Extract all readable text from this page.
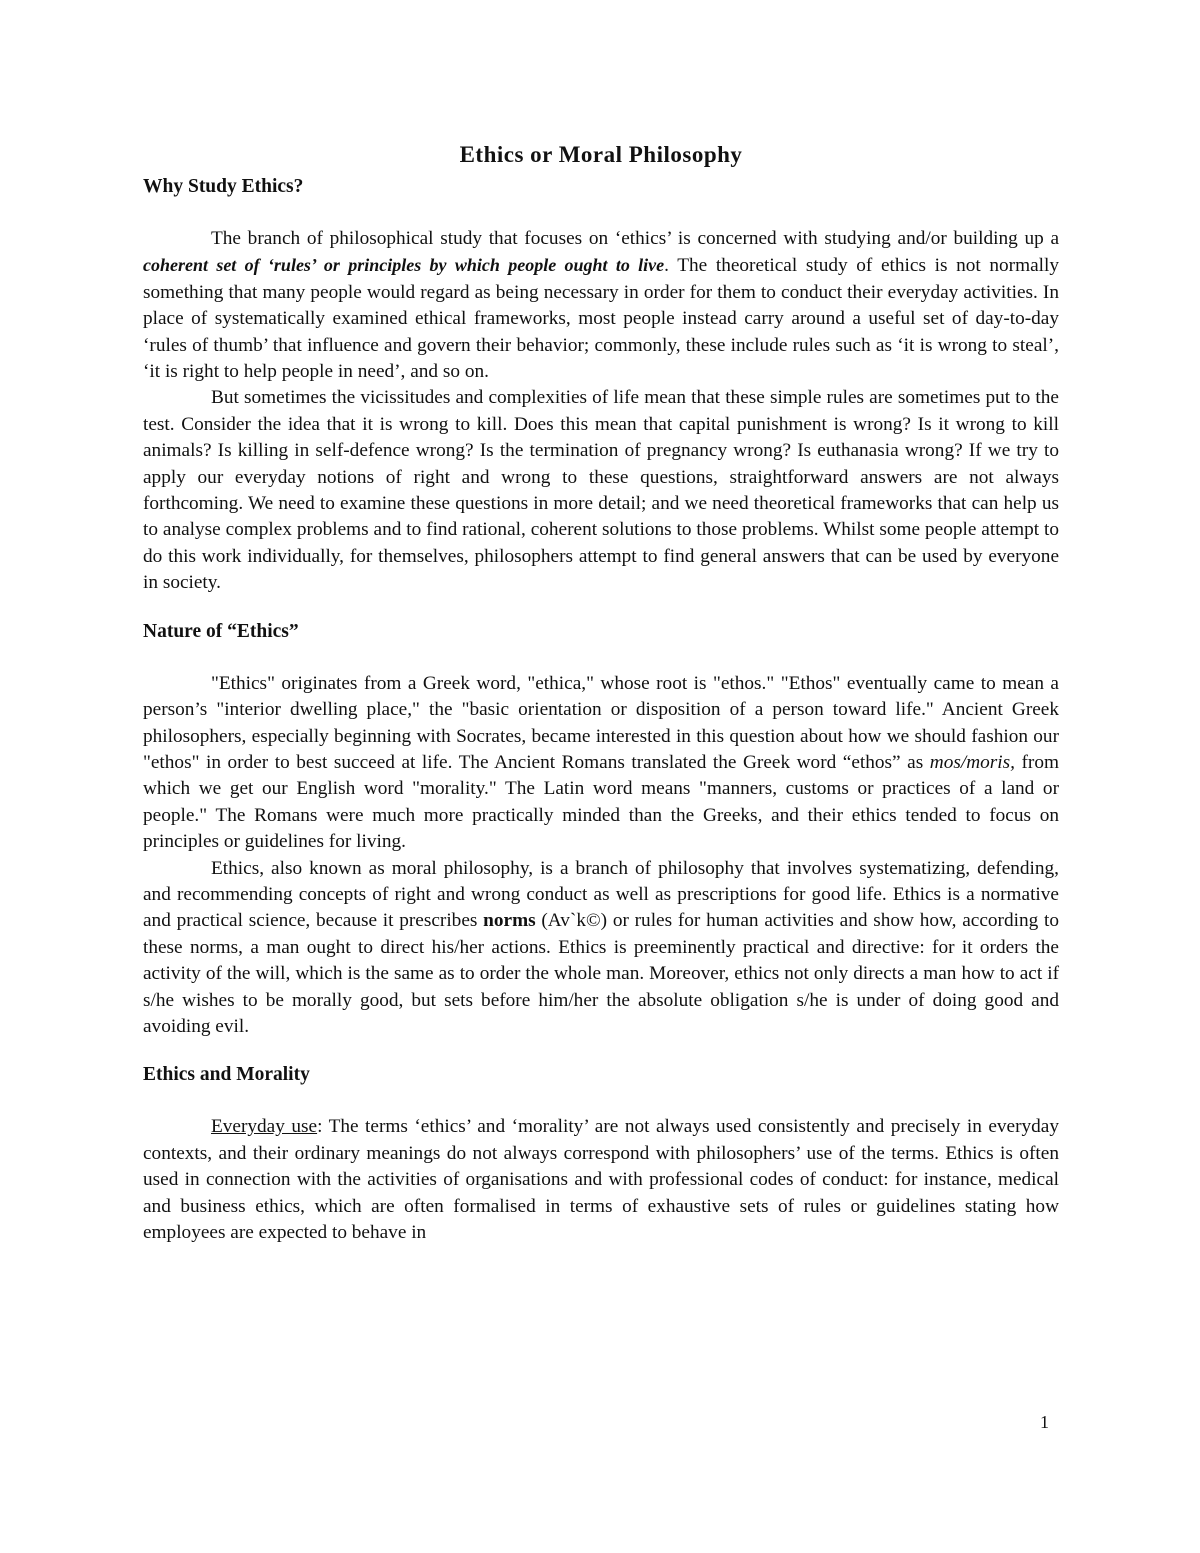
Ethics or Moral Philosophy
Why Study Ethics?

The branch of philosophical study that focuses on ‘ethics’ is concerned with studying and/or building up a coherent set of ‘rules’ or principles by which people ought to live. The theoretical study of ethics is not normally something that many people would regard as being necessary in order for them to conduct their everyday activities. In place of systematically examined ethical frameworks, most people instead carry around a useful set of day-to-day ‘rules of thumb’ that influence and govern their behavior; commonly, these include rules such as ‘it is wrong to steal’, ‘it is right to help people in need’, and so on.

But sometimes the vicissitudes and complexities of life mean that these simple rules are sometimes put to the test. Consider the idea that it is wrong to kill. Does this mean that capital punishment is wrong? Is it wrong to kill animals? Is killing in self-defence wrong? Is the termination of pregnancy wrong? Is euthanasia wrong? If we try to apply our everyday notions of right and wrong to these questions, straightforward answers are not always forthcoming. We need to examine these questions in more detail; and we need theoretical frameworks that can help us to analyse complex problems and to find rational, coherent solutions to those problems. Whilst some people attempt to do this work individually, for themselves, philosophers attempt to find general answers that can be used by everyone in society.

Nature of “Ethics”

"Ethics" originates from a Greek word, "ethica," whose root is "ethos." "Ethos" eventually came to mean a person’s "interior dwelling place," the "basic orientation or disposition of a person toward life." Ancient Greek philosophers, especially beginning with Socrates, became interested in this question about how we should fashion our "ethos" in order to best succeed at life. The Ancient Romans translated the Greek word “ethos” as mos/moris, from which we get our English word "morality." The Latin word means "manners, customs or practices of a land or people." The Romans were much more practically minded than the Greeks, and their ethics tended to focus on principles or guidelines for living.

Ethics, also known as moral philosophy, is a branch of philosophy that involves systematizing, defending, and recommending concepts of right and wrong conduct as well as prescriptions for good life. Ethics is a normative and practical science, because it prescribes norms (Av`k©) or rules for human activities and show how, according to these norms, a man ought to direct his/her actions. Ethics is preeminently practical and directive: for it orders the activity of the will, which is the same as to order the whole man. Moreover, ethics not only directs a man how to act if s/he wishes to be morally good, but sets before him/her the absolute obligation s/he is under of doing good and avoiding evil.

Ethics and Morality

Everyday use: The terms ‘ethics’ and ‘morality’ are not always used consistently and precisely in everyday contexts, and their ordinary meanings do not always correspond with philosophers’ use of the terms. Ethics is often used in connection with the activities of organisations and with professional codes of conduct: for instance, medical and business ethics, which are often formalised in terms of exhaustive sets of rules or guidelines stating how employees are expected to behave in

1
